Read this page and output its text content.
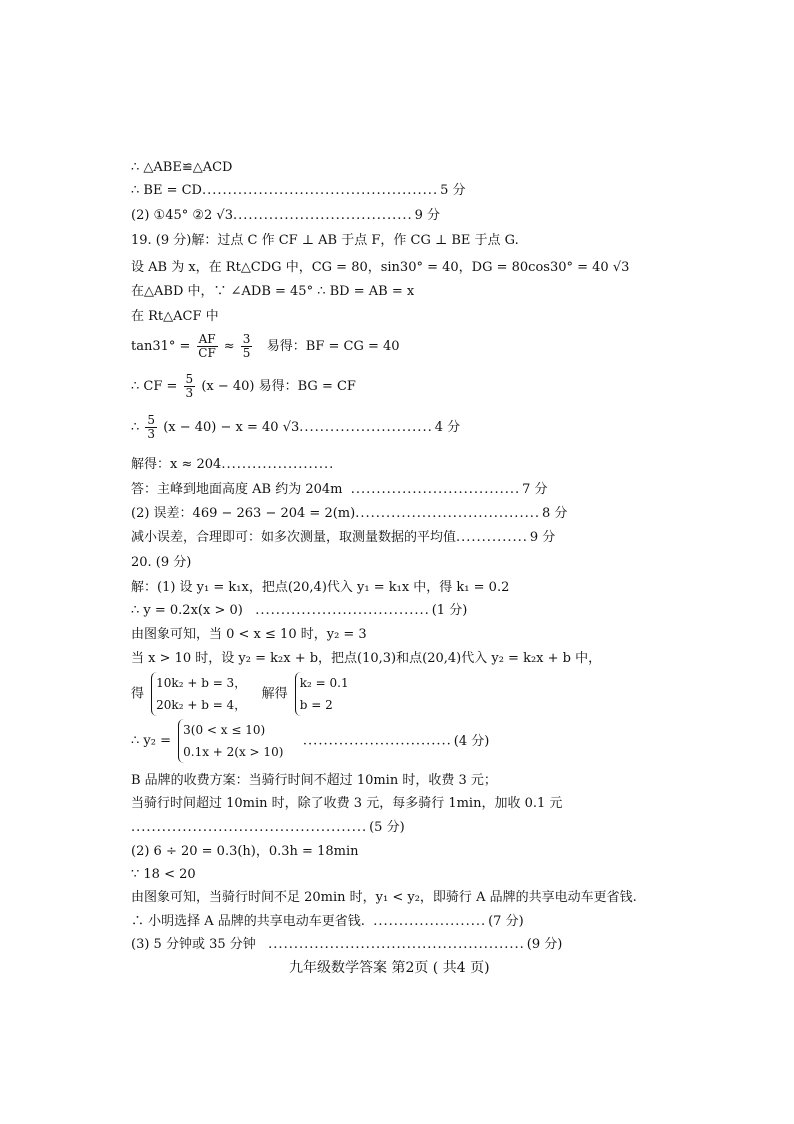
∴ △ABE≌△ACD
∴ BE = CD.............................................. 5 分
(2) ①45° ②2 √3................................... 9 分
19. (9 分)解：过点 C 作 CF ⊥ AB 于点 F，作 CG ⊥ BE 于点 G.
设 AB 为 x，在 Rt△CDG 中，CG = 80，sin30° = 40，DG = 80cos30° = 40 √3
在△ABD 中，∵ ∠ADB = 45° ∴ BD = AB = x
在 Rt△ACF 中
$\tan 31^\circ = \frac{AF}{CF} \approx \frac{3}{5}$ 易得：BF = CG = 40
∴ CF = $\frac{5}{3} (x - 40)$ 易得：BG = CF
∴ $\frac{5}{3} (x - 40) - x = 40$ √3.......................... 4 分
解得：x ≈ 204......................
答：主峰到地面高度 AB 约为 204m ................................. 7 分
(2) 误差：469 − 263 − 204 = 2(m).................................... 8 分
减小误差，合理即可：如多次测量，取测量数据的平均值.............. 9 分
20. (9 分)
解：(1) 设 y₁ = k₁x，把点(20,4)代入 y₁ = k₁x 中，得 k₁ = 0.2
∴ y = 0.2x(x > 0) .................................. (1 分)
由图象可知，当 0 < x ≤ 10 时，y₂ = 3
当 x > 10 时，设 y₂ = k₂x + b，把点(10,3)和点(20,4)代入 y₂ = k₂x + b 中，
得
10k₂ + b = 3，
20k₂ + b = 4，
解得
k₂ = 0.1
b = 2
∴ y₂ =
3(0 < x ≤ 10)
0.1x + 2(x > 10)
............................. (4 分)
B 品牌的收费方案：当骑行时间不超过 10min 时，收费 3 元；
当骑行时间超过 10min 时，除了收费 3 元，每多骑行 1min，加收 0.1 元
.............................................. (5 分)
(2) 6 ÷ 20 = 0.3(h)，0.3h = 18min
∵ 18 < 20
由图象可知，当骑行时间不足 20min 时，y₁ < y₂，即骑行 A 品牌的共享电动车更省钱.
∴ 小明选择 A 品牌的共享电动车更省钱. ...................... (7 分)
(3) 5 分钟或 35 分钟 .................................................. (9 分)
九年级数学答案 第2页 ( 共4 页)
